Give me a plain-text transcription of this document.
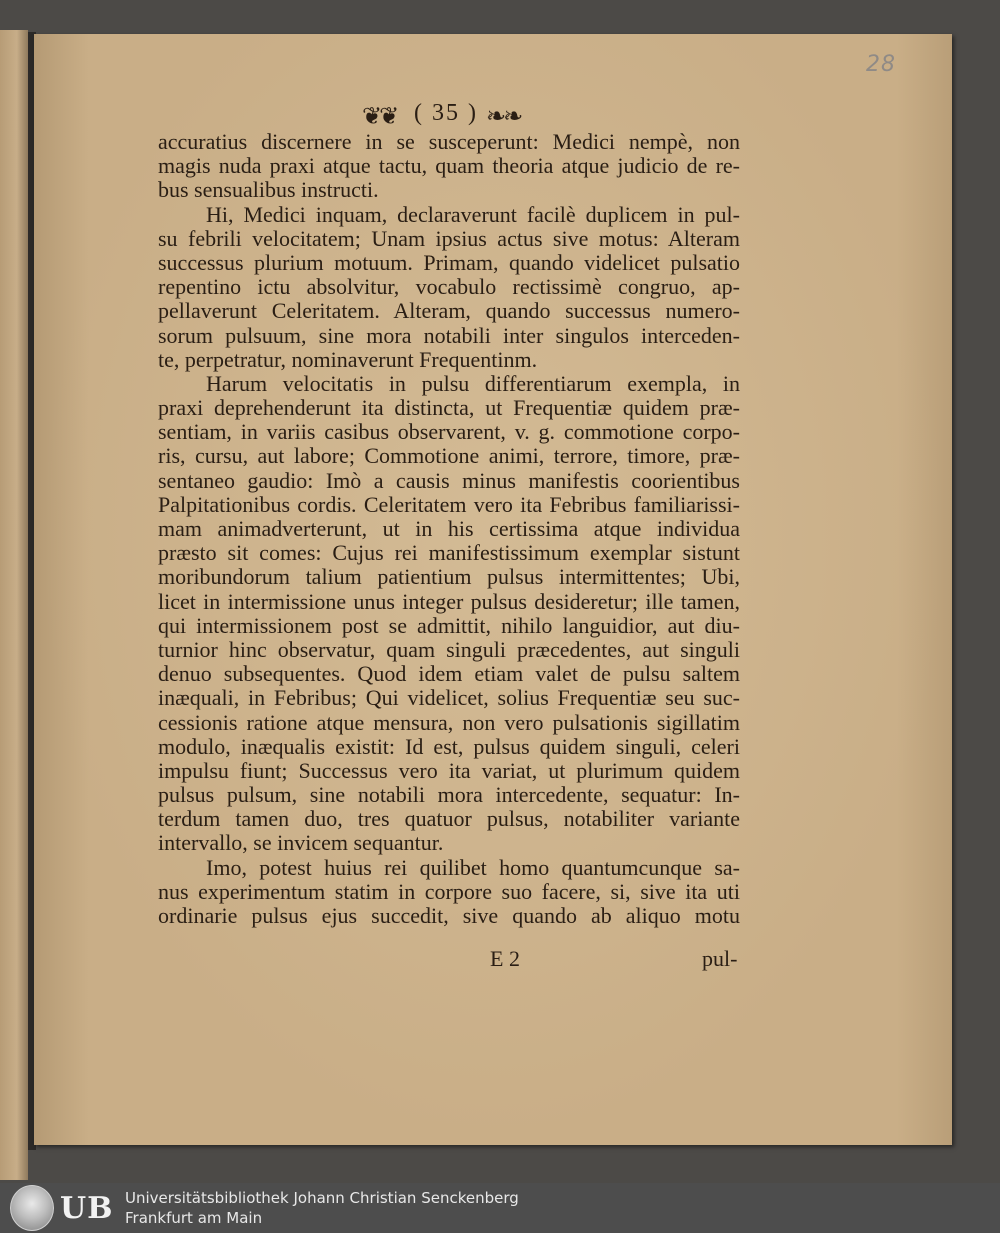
28
❦❦ ( 35 ) ❧❧
accuratius discernere in se susceperunt: Medici nempè, non
magis nuda praxi atque tactu, quam theoria atque judicio de re-
bus sensualibus instructi.
Hi, Medici inquam, declaraverunt facilè duplicem in pul-
su febrili velocitatem; Unam ipsius actus sive motus: Alteram
successus plurium motuum. Primam, quando videlicet pulsatio
repentino ictu absolvitur, vocabulo rectissimè congruo, ap-
pellaverunt Celeritatem. Alteram, quando successus numero-
sorum pulsuum, sine mora notabili inter singulos interceden-
te, perpetratur, nominaverunt Frequentinm.
Harum velocitatis in pulsu differentiarum exempla, in
praxi deprehenderunt ita distincta, ut Frequentiæ quidem præ-
sentiam, in variis casibus observarent, v. g. commotione corpo-
ris, cursu, aut labore; Commotione animi, terrore, timore, præ-
sentaneo gaudio: Imò a causis minus manifestis coorientibus
Palpitationibus cordis. Celeritatem vero ita Febribus familiarissi-
mam animadverterunt, ut in his certissima atque individua
præsto sit comes: Cujus rei manifestissimum exemplar sistunt
moribundorum talium patientium pulsus intermittentes; Ubi,
licet in intermissione unus integer pulsus desideretur; ille tamen,
qui intermissionem post se admittit, nihilo languidior, aut diu-
turnior hinc observatur, quam singuli præcedentes, aut singuli
denuo subsequentes. Quod idem etiam valet de pulsu saltem
inæquali, in Febribus; Qui videlicet, solius Frequentiæ seu suc-
cessionis ratione atque mensura, non vero pulsationis sigillatim
modulo, inæqualis existit: Id est, pulsus quidem singuli, celeri
impulsu fiunt; Successus vero ita variat, ut plurimum quidem
pulsus pulsum, sine notabili mora intercedente, sequatur: In-
terdum tamen duo, tres quatuor pulsus, notabiliter variante
intervallo, se invicem sequantur.
Imo, potest huius rei quilibet homo quantumcunque sa-
nus experimentum statim in corpore suo facere, si, sive ita uti
ordinarie pulsus ejus succedit, sive quando ab aliquo motu
E 2	pul-
UB Universitätsbibliothek Johann Christian Senckenberg
Frankfurt am Main
